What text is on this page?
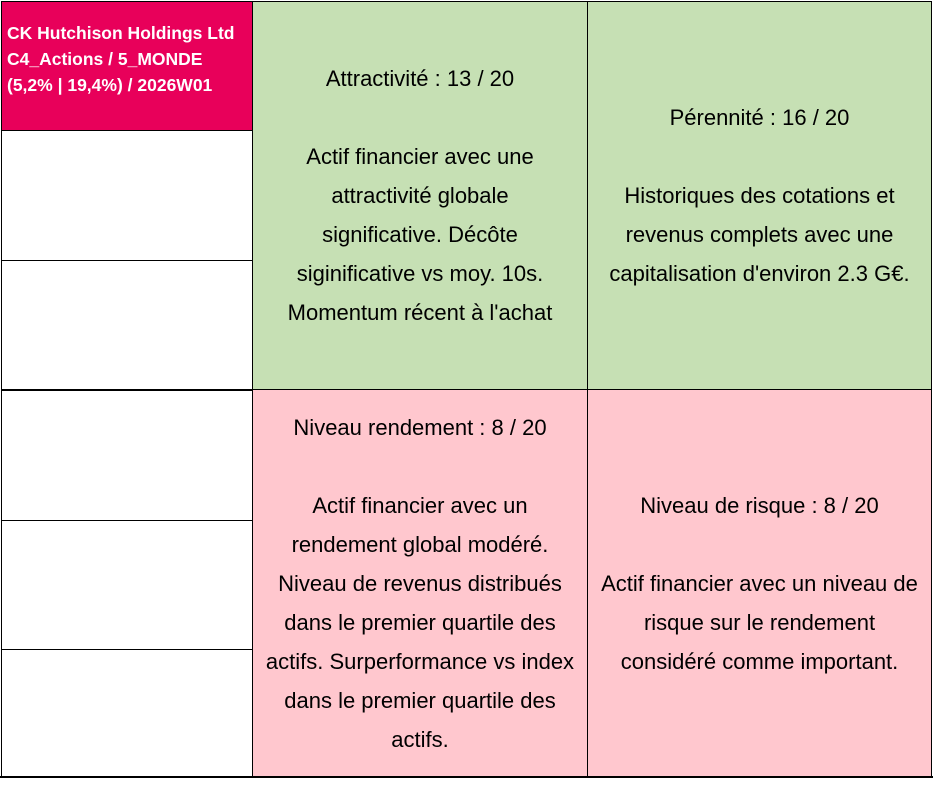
CK Hutchison Holdings Ltd
C4_Actions / 5_MONDE
(5,2% | 19,4%) / 2026W01	Attractivité : 13 / 20
Actif financier avec une
attractivité globale
significative. Décôte
siginificative vs moy. 10s.
Momentum récent à l'achat
Pérennité : 16 / 20
Historiques des cotations et
revenus complets avec une
capitalisation d'environ 2.3 G€.
Niveau rendement : 8 / 20
Actif financier avec un
rendement global modéré.
Niveau de revenus distribués
dans le premier quartile des
actifs. Surperformance vs index
dans le premier quartile des
actifs.
Niveau de risque : 8 / 20
Actif financier avec un niveau de
risque sur le rendement
considéré comme important.
